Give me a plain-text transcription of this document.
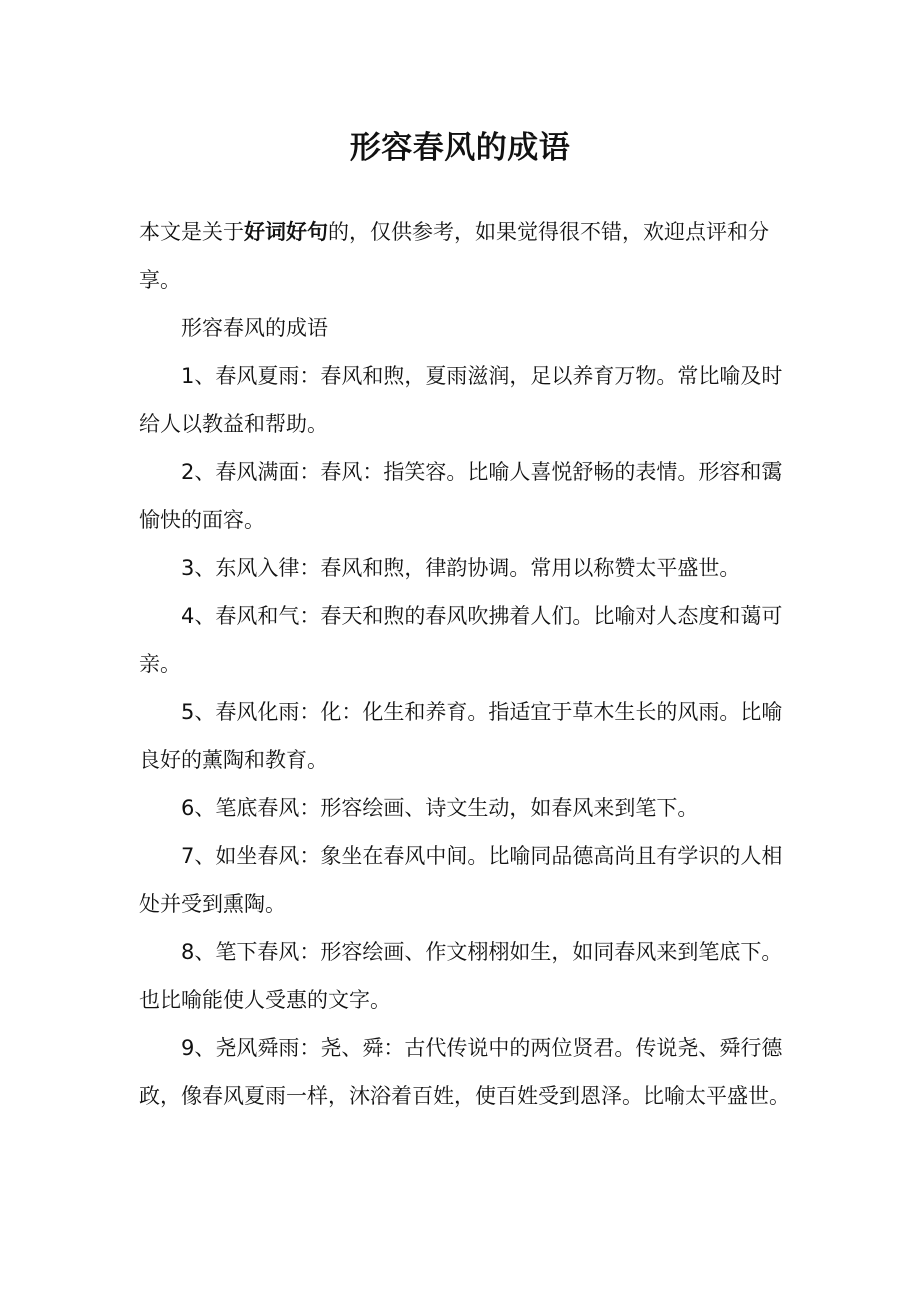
形容春风的成语

本文是关于好词好句的，仅供参考，如果觉得很不错，欢迎点评和分享。

形容春风的成语

1、春风夏雨：春风和煦，夏雨滋润，足以养育万物。常比喻及时给人以教益和帮助。

2、春风满面：春风：指笑容。比喻人喜悦舒畅的表情。形容和霭愉快的面容。

3、东风入律：春风和煦，律韵协调。常用以称赞太平盛世。

4、春风和气：春天和煦的春风吹拂着人们。比喻对人态度和蔼可亲。

5、春风化雨：化：化生和养育。指适宜于草木生长的风雨。比喻良好的薰陶和教育。

6、笔底春风：形容绘画、诗文生动，如春风来到笔下。

7、如坐春风：象坐在春风中间。比喻同品德高尚且有学识的人相处并受到熏陶。

8、笔下春风：形容绘画、作文栩栩如生，如同春风来到笔底下。也比喻能使人受惠的文字。

9、尧风舜雨：尧、舜：古代传说中的两位贤君。传说尧、舜行德政，像春风夏雨一样，沐浴着百姓，使百姓受到恩泽。比喻太平盛世。
